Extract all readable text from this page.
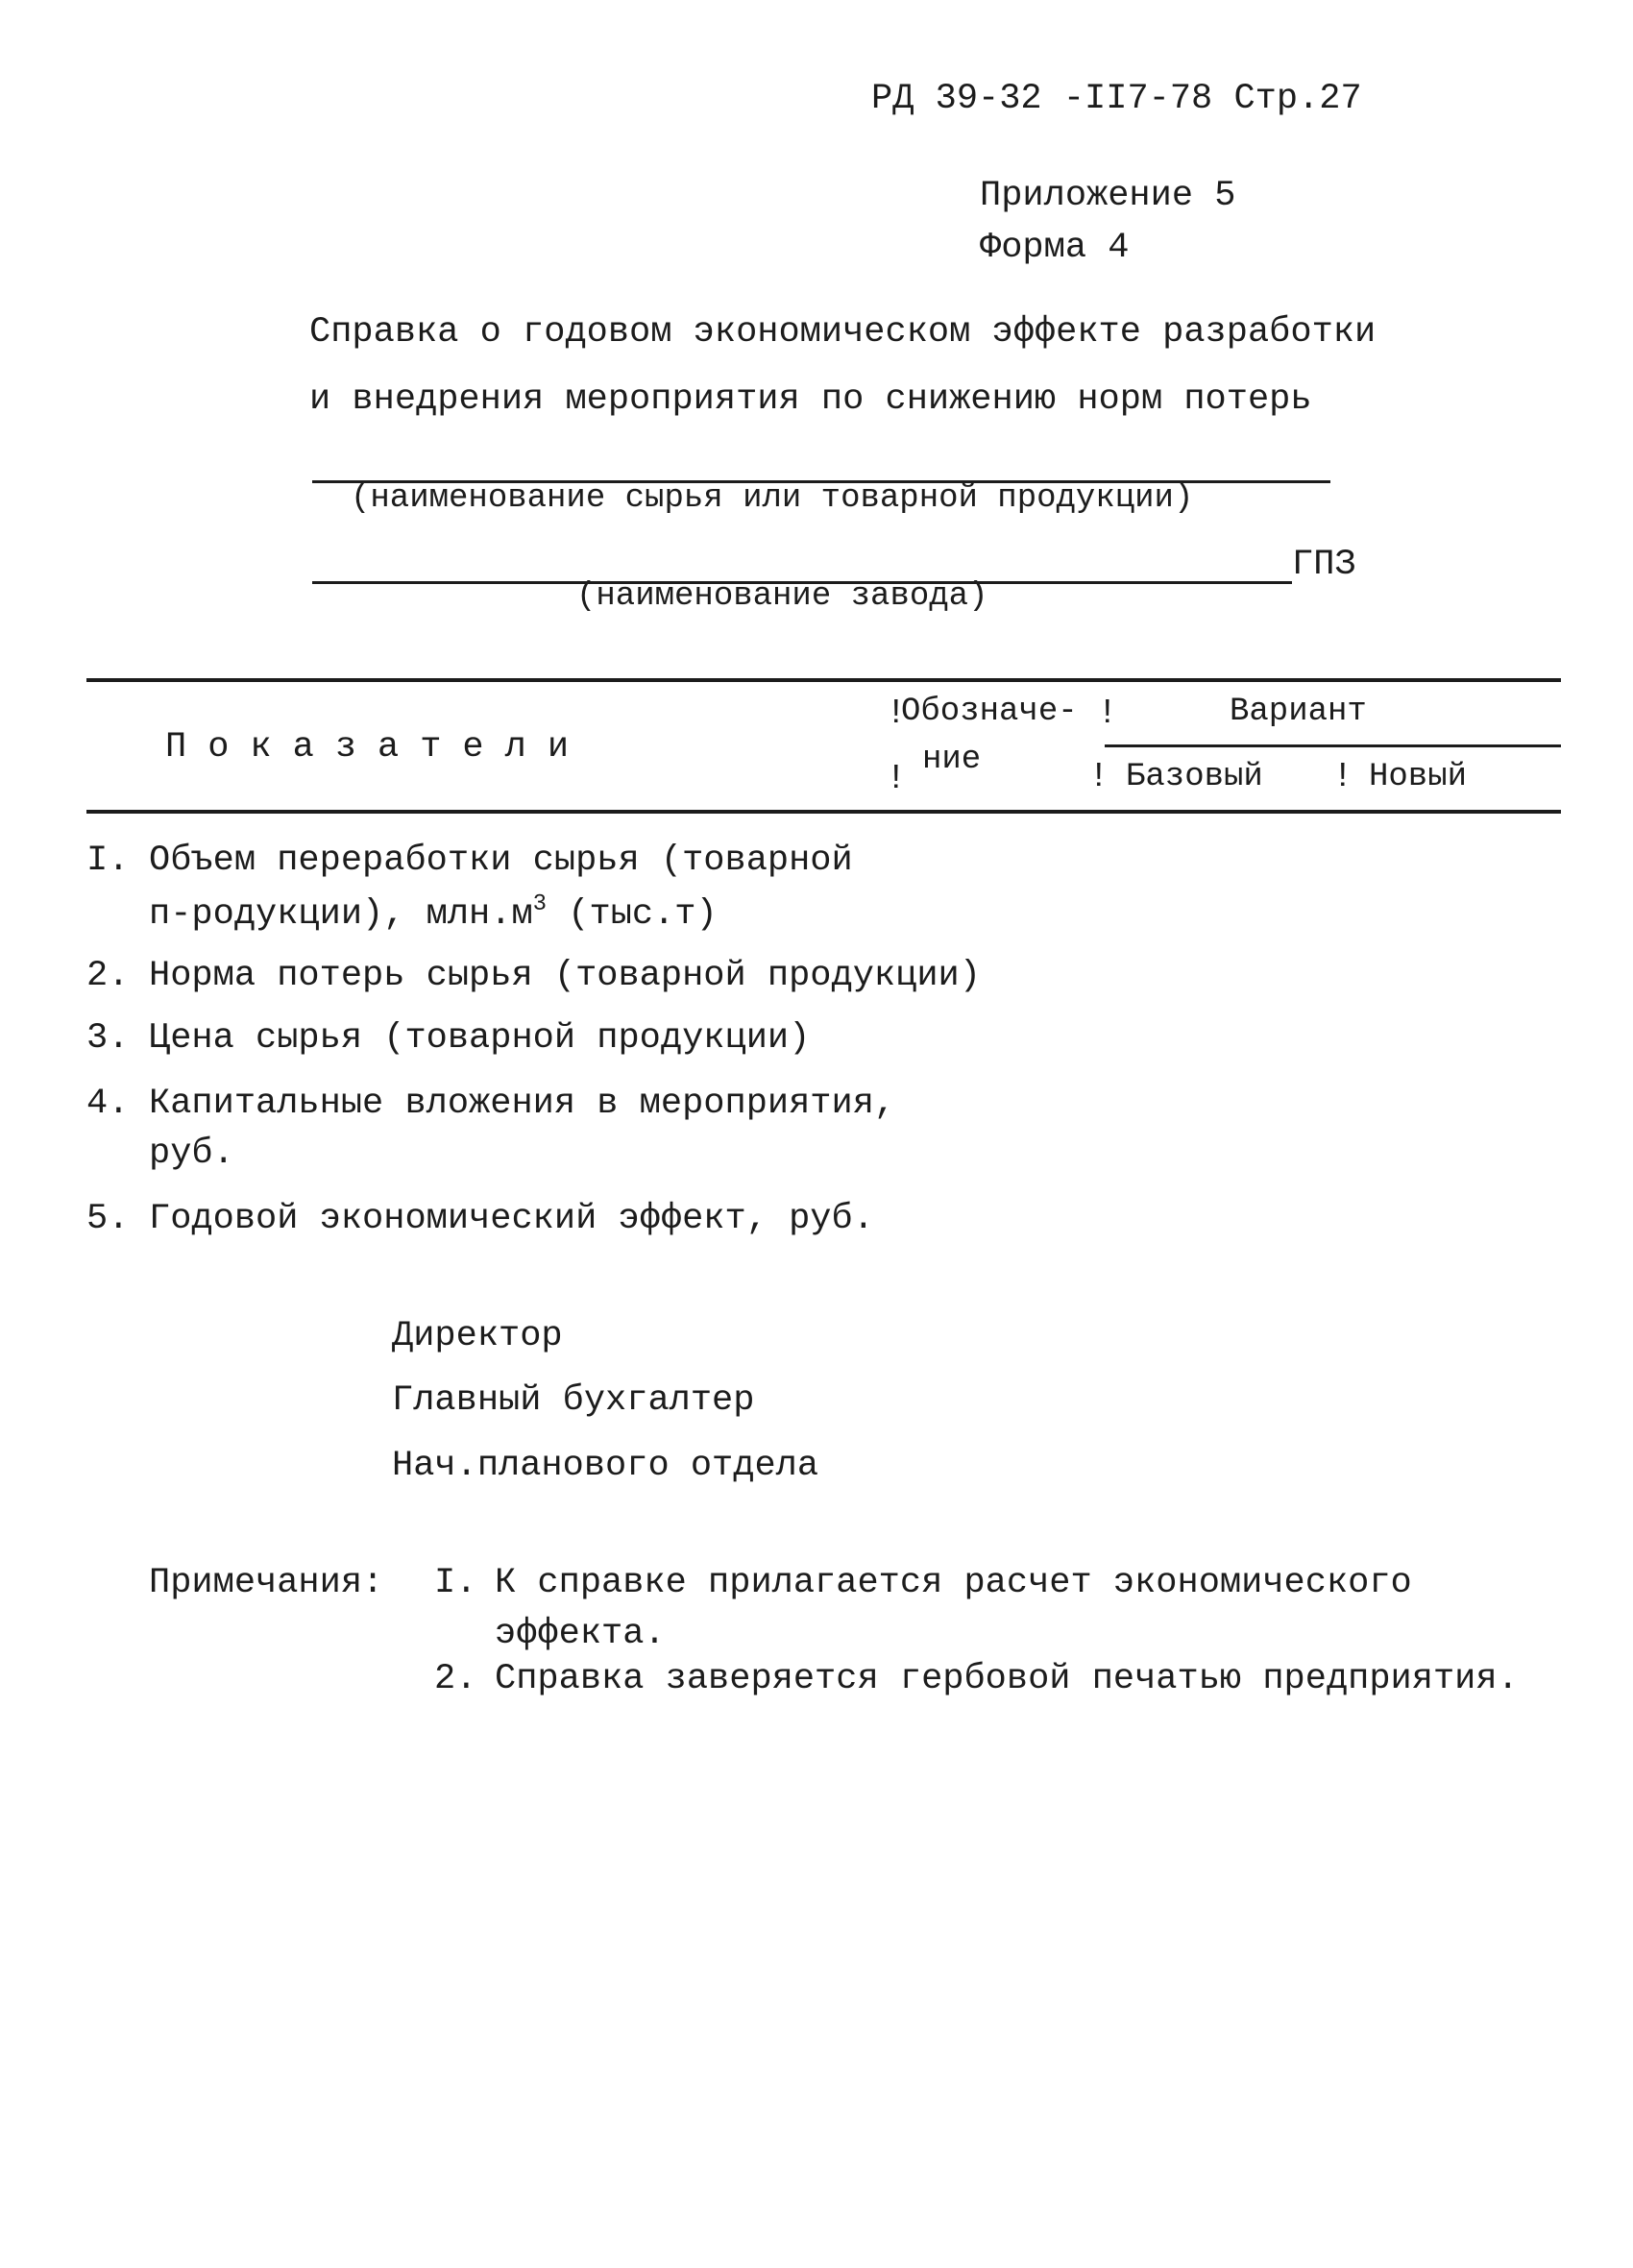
РД 39-32 -II7-78 Стр.27
Приложение 5
Форма 4
Справка о годовом экономическом эффекте разработки
и внедрения мероприятия по снижению норм потерь
(наименование сырья или товарной продукции)
ГПЗ
(наименование завода)
Показатели
!
Обозначе- !
! ние
Вариант
! Базовый ! Новый
I. Объем переработки сырья (товарной
п-родукции), $млн.м^3$ (тыс.т)
2. Норма потерь сырья (товарной продукции)
3. Цена сырья (товарной продукции)
4. Капитальные вложения в мероприятия,
руб.
5. Годовой экономический эффект, руб.
Директор
Главный бухгалтер
Нач.планового отдела
Примечания: I. К справке прилагается расчет экономического
эффекта.
2. Справка заверяется гербовой печатью предприятия.
